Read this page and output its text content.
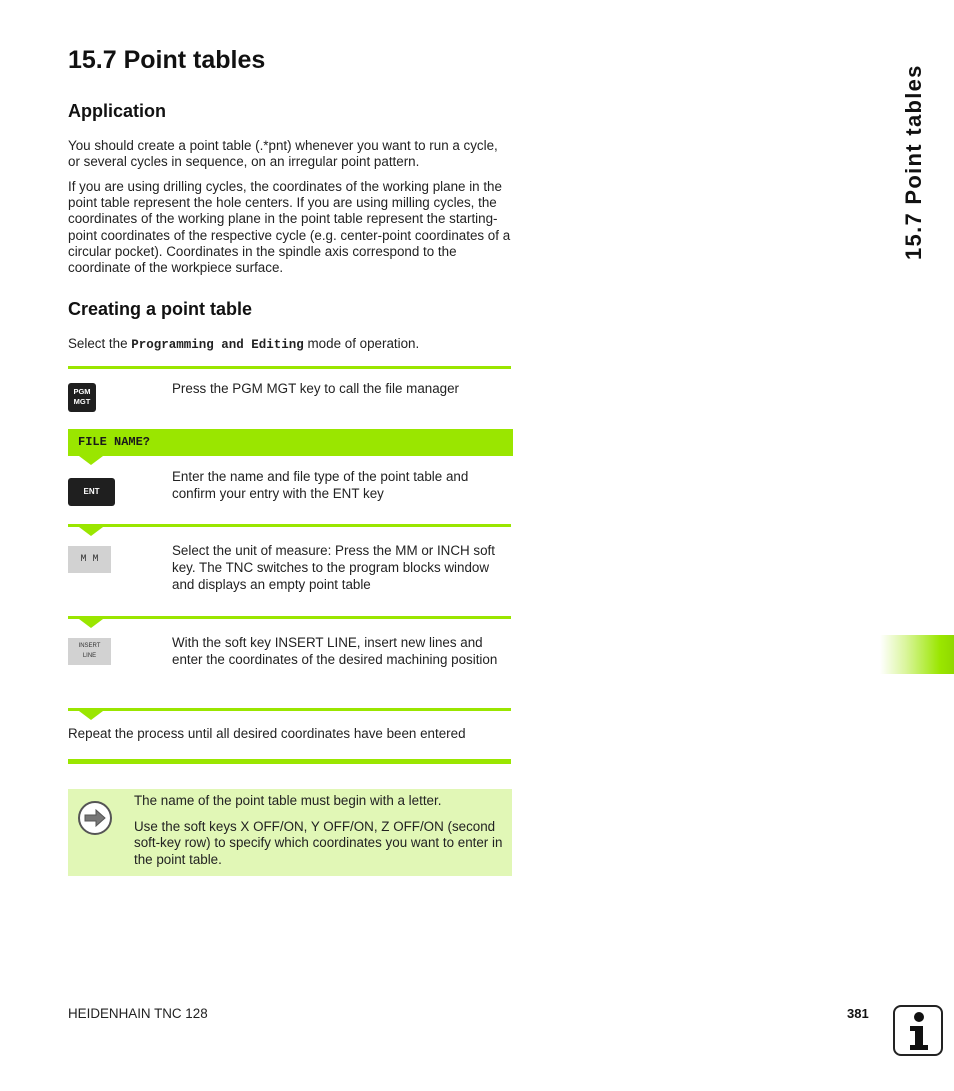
15.7 Point tables
Application

You should create a point table (.*pnt) whenever you want to run a cycle, or several cycles in sequence, on an irregular point pattern.

If you are using drilling cycles, the coordinates of the working plane in the point table represent the hole centers. If you are using milling cycles, the coordinates of the working plane in the point table represent the starting-point coordinates of the respective cycle (e.g. center-point coordinates of a circular pocket). Coordinates in the spindle axis correspond to the coordinate of the workpiece surface.

Creating a point table

Select the Programming and Editing mode of operation.

PGM
MGT

Press the PGM MGT key to call the file manager

FILE NAME?
ENT

Enter the name and file type of the point table and confirm your entry with the ENT key

M M

Select the unit of measure: Press the MM or INCH soft key. The TNC switches to the program blocks window and displays an empty point table

INSERT
LINE

With the soft key INSERT LINE, insert new lines and enter the coordinates of the desired machining position

Repeat the process until all desired coordinates have been entered

The name of the point table must begin with a letter.

Use the soft keys X OFF/ON, Y OFF/ON, Z OFF/ON (second soft-key row) to specify which coordinates you want to enter in the point table.

15.7 Point tables
HEIDENHAIN TNC 128	381
